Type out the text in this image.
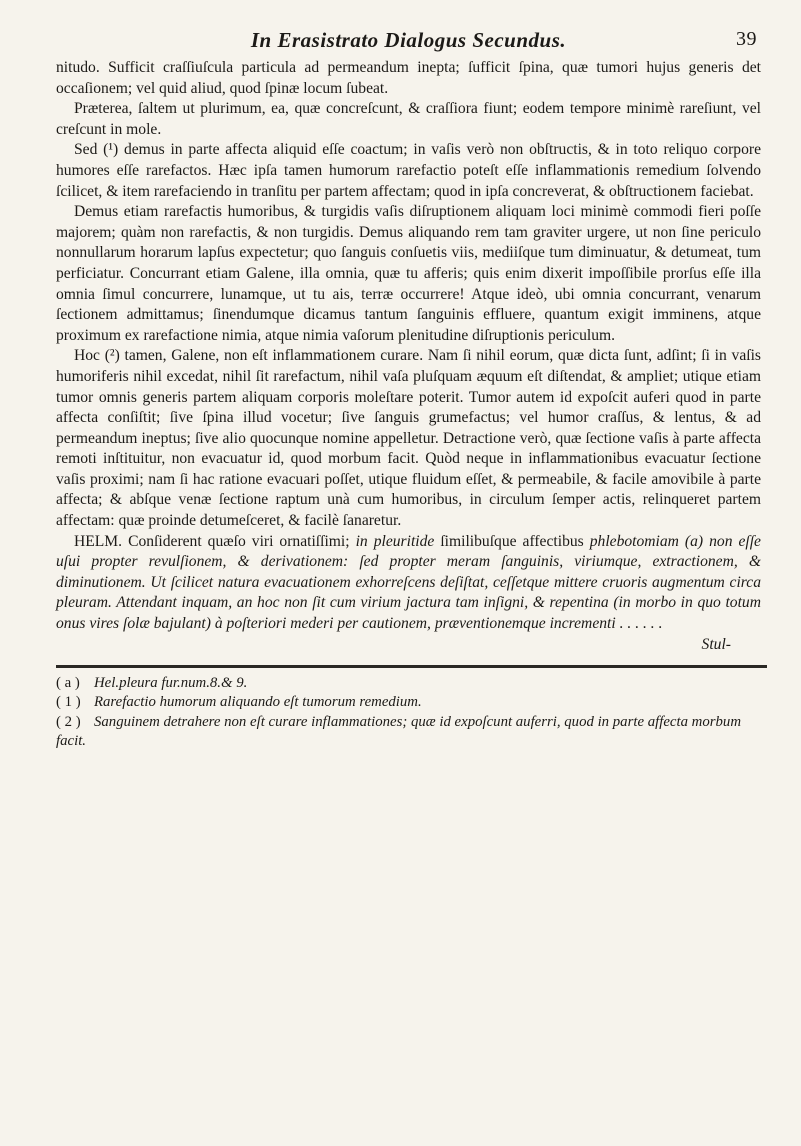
In Erasistrato Dialogus Secundus.	39

nitudo. Sufficit craſſiuſcula particula ad permeandum inepta; ſufficit ſpina, quæ tumori hujus generis det occaſionem; vel quid aliud, quod ſpinæ locum ſubeat.

Præterea, ſaltem ut plurimum, ea, quæ concreſcunt, & craſſiora fiunt; eodem tempore minimè rareſiunt, vel creſcunt in mole.

Sed (¹) demus in parte affecta aliquid eſſe coactum; in vaſis verò non obſtructis, & in toto reliquo corpore humores eſſe rarefactos. Hæc ipſa tamen humorum rarefactio poteſt eſſe inflammationis remedium ſolvendo ſcilicet, & item rarefaciendo in tranſitu per partem affectam; quod in ipſa concreverat, & obſtructionem faciebat.

Demus etiam rarefactis humoribus, & turgidis vaſis diſruptionem aliquam loci minimè commodi fieri poſſe majorem; quàm non rarefactis, & non turgidis. Demus aliquando rem tam graviter urgere, ut non ſine periculo nonnullarum horarum lapſus expectetur; quo ſanguis conſuetis viis, mediiſque tum diminuatur, & detumeat, tum perficiatur. Concurrant etiam Galene, illa omnia, quæ tu afferis; quis enim dixerit impoſſibile prorſus eſſe illa omnia ſimul concurrere, lunamque, ut tu ais, terræ occurrere! Atque ideò, ubi omnia concurrant, venarum ſectionem admittamus; ſinendumque dicamus tantum ſanguinis effluere, quantum exigit imminens, atque proximum ex rarefactione nimia, atque nimia vaſorum plenitudine diſruptionis periculum.

Hoc (²) tamen, Galene, non eſt inflammationem curare. Nam ſi nihil eorum, quæ dicta ſunt, adſint; ſi in vaſis humoriferis nihil excedat, nihil ſit rarefactum, nihil vaſa pluſquam æquum eſt diſtendat, & ampliet; utique etiam tumor omnis generis partem aliquam corporis moleſtare poterit. Tumor autem id expoſcit auferi quod in parte affecta conſiſtit; ſive ſpina illud vocetur; ſive ſanguis grumefactus; vel humor craſſus, & lentus, & ad permeandum ineptus; ſive alio quocunque nomine appelletur. Detractione verò, quæ ſectione vaſis à parte affecta remoti inſtituitur, non evacuatur id, quod morbum facit. Quòd neque in inflammationibus evacuatur ſectione vaſis proximi; nam ſi hac ratione evacuari poſſet, utique fluidum eſſet, & permeabile, & facile amovibile à parte affecta; & abſque venæ ſectione raptum unà cum humoribus, in circulum ſemper actis, relinqueret partem affectam: quæ proinde detumeſceret, & facilè ſanaretur.

HELM. Conſiderent quæſo viri ornatiſſimi; in pleuritide ſimilibuſque affectibus phlebotomiam (a) non eſſe uſui propter revulſionem, & derivationem: ſed propter meram ſanguinis, viriumque, extractionem, & diminutionem. Ut ſcilicet natura evacuationem exhorreſcens deſiſtat, ceſſetque mittere cruoris augmentum circa pleuram. Attendant inquam, an hoc non ſit cum virium jactura tam inſigni, & repentina (in morbo in quo totum onus vires ſolæ bajulant) à poſteriori mederi per cautionem, præventionemque incrementi . . . . . .

Stul-

( a ) Hel.pleura fur.num.8.& 9.

( 1 ) Rarefactio humorum aliquando eſt tumorum remedium.

( 2 ) Sanguinem detrahere non eſt curare inflammationes; quæ id expoſcunt auferri, quod in parte affecta morbum facit.
